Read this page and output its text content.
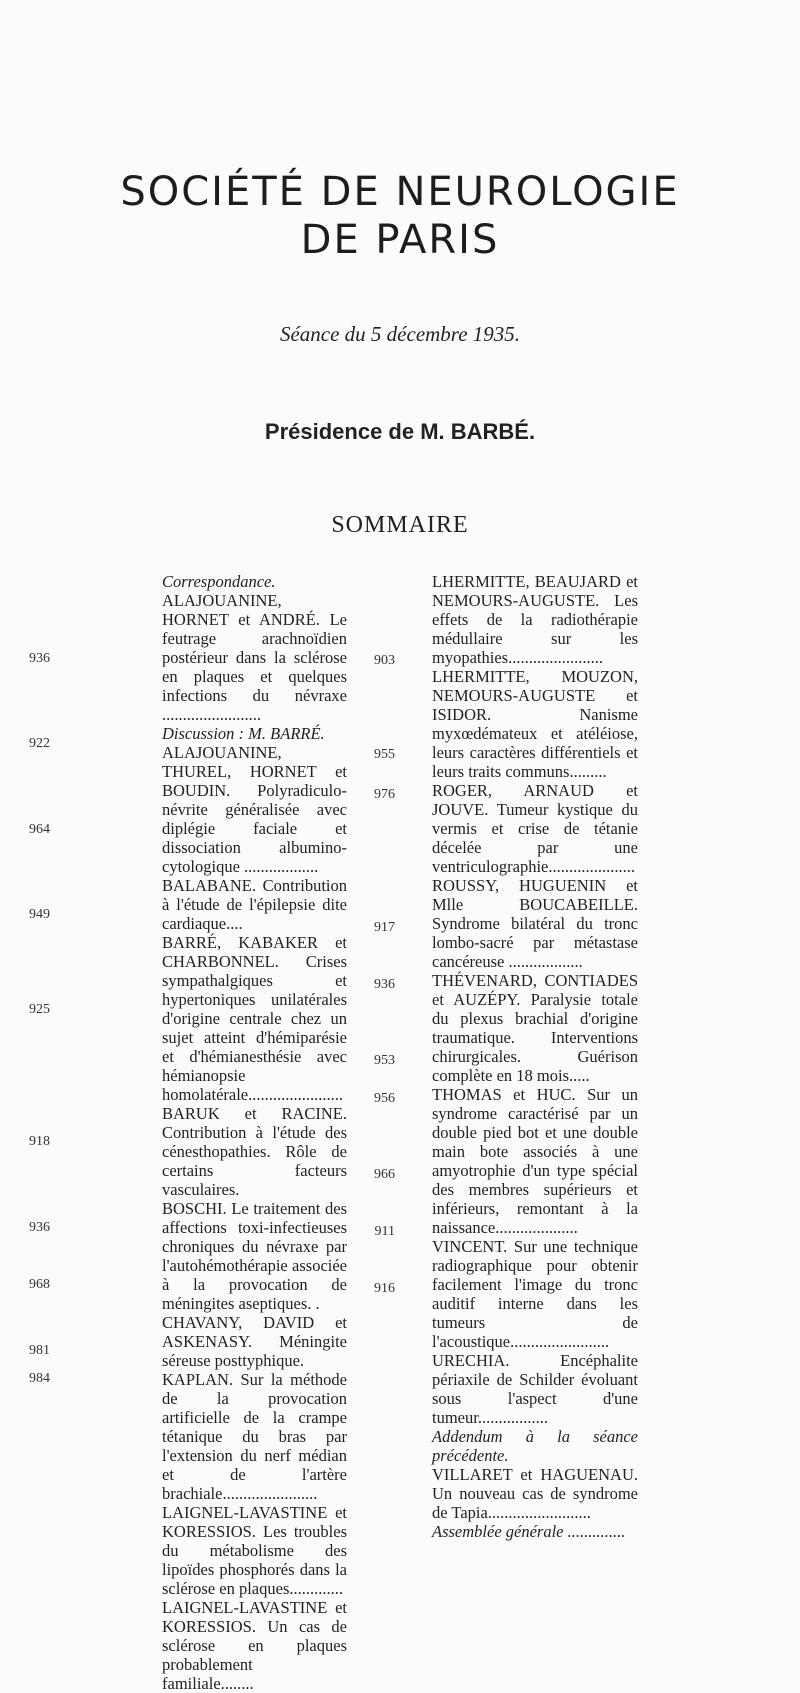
SOCIÉTÉ DE NEUROLOGIE
DE PARIS
Séance du 5 décembre 1935.
Présidence de M. BARBÉ.
SOMMAIRE
Correspondance.
ALAJOUANINE, HORNET et ANDRÉ. Le feutrage arachnoïdien postérieur dans la sclérose en plaques et quelques infections du névraxe ........................
Discussion : M. BARRÉ.
ALAJOUANINE, THUREL, HORNET et BOUDIN. Polyradiculo-névrite généralisée avec diplégie faciale et dissociation albumino-cytologique ..................
BALABANE. Contribution à l'étude de l'épilepsie dite cardiaque....
BARRÉ, KABAKER et CHARBONNEL. Crises sympathalgiques et hypertoniques unilatérales d'origine centrale chez un sujet atteint d'hémiparésie et d'hémianesthésie avec hémianopsie homolatérale.......................
BARUK et RACINE. Contribution à l'étude des cénesthopathies. Rôle de certains facteurs vasculaires.
BOSCHI. Le traitement des affections toxi-infectieuses chroniques du névraxe par l'autohémothérapie associée à la provocation de méningites aseptiques. .
CHAVANY, DAVID et ASKENASY. Méningite séreuse posttyphique.
KAPLAN. Sur la méthode de la provocation artificielle de la crampe tétanique du bras par l'extension du nerf médian et de l'artère brachiale.......................
LAIGNEL-LAVASTINE et KORESSIOS. Les troubles du métabolisme des lipoïdes phosphorés dans la sclérose en plaques.............
LAIGNEL-LAVASTINE et KORESSIOS. Un cas de sclérose en plaques probablement familiale........
903
955
976
917
936
953
956
966
911
916
LHERMITTE, BEAUJARD et NEMOURS-AUGUSTE. Les effets de la radiothérapie médullaire sur les myopathies.......................
LHERMITTE, MOUZON, NEMOURS-AUGUSTE et ISIDOR. Nanisme myxœdémateux et atéléiose, leurs caractères différentiels et leurs traits communs.........
ROGER, ARNAUD et JOUVE. Tumeur kystique du vermis et crise de tétanie décelée par une ventriculographie.....................
ROUSSY, HUGUENIN et Mlle BOUCABEILLE. Syndrome bilatéral du tronc lombo-sacré par métastase cancéreuse ..................
THÉVENARD, CONTIADES et AUZÉPY. Paralysie totale du plexus brachial d'origine traumatique. Interventions chirurgicales. Guérison complète en 18 mois.....
THOMAS et HUC. Sur un syndrome caractérisé par un double pied bot et une double main bote associés à une amyotrophie d'un type spécial des membres supérieurs et inférieurs, remontant à la naissance....................
VINCENT. Sur une technique radiographique pour obtenir facilement l'image du tronc auditif interne dans les tumeurs de l'acoustique........................
URECHIA. Encéphalite périaxile de Schilder évoluant sous l'aspect d'une tumeur.................
Addendum à la séance précédente.
VILLARET et HAGUENAU. Un nouveau cas de syndrome de Tapia.........................
Assemblée générale ..............
936
922
964
949
925
918
936
968
981
984
